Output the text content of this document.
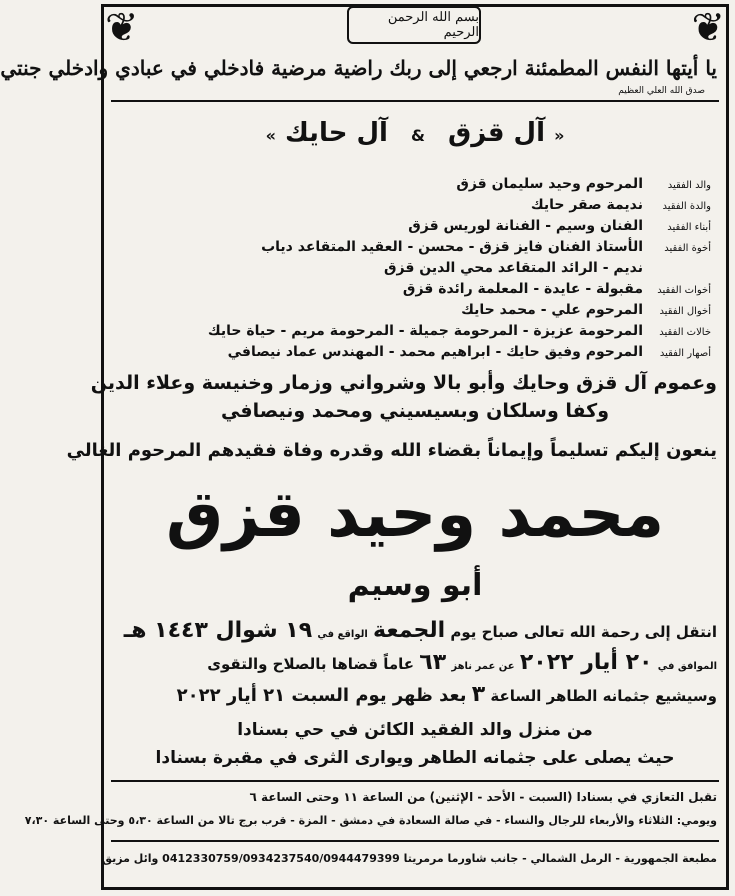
❦	❦
بسم الله الرحمن الرحيم
يا أيتها النفس المطمئنة ارجعي إلى ربك راضية مرضية فادخلي في عبادي وادخلي جنتي
صدق الله العلي العظيم
« آل قزق & آل حايك »
والد الفقيد
المرحوم وحيد سليمان قزق
والدة الفقيد
نديمة صقر حايك
أبناء الفقيد
الفنان وسيم - الفنانة لوريس قزق
أخوة الفقيد
الأستاذ الفنان فايز قزق - محسن - العقيد المتقاعد دياب
نديم - الرائد المتقاعد محي الدين قزق
أخوات الفقيد
مقبولة - عايدة - المعلمة رائدة قزق
أخوال الفقيد
المرحوم علي - محمد حايك
خالات الفقيد
المرحومة عزيزة - المرحومة جميلة - المرحومة مريم - حياة حايك
أصهار الفقيد
المرحوم وفيق حايك - ابراهيم محمد - المهندس عماد نيصافي
وعموم آل قزق وحايك وأبو بالا وشرواني وزمار وخنيسة وعلاء الدين
وكفا وسلكان وبسيسيني ومحمد ونيصافي
ينعون إليكم تسليماً وإيماناً بقضاء الله وقدره وفاة فقيدهم المرحوم الغالي
محمد وحيد قزق
أبو وسيم
انتقل إلى رحمة الله تعالى صباح يوم الجمعة الواقع في ١٩ شوال ١٤٤٣ هـ
الموافق في ٢٠ أيار ٢٠٢٢ عن عمر ناهز ٦٣ عاماً قضاها بالصلاح والتقوى
وسيشيع جثمانه الطاهر الساعة ٣ بعد ظهر يوم السبت ٢١ أيار ٢٠٢٢
من منزل والد الفقيد الكائن في حي بسنادا
حيث يصلى على جثمانه الطاهر ويوارى الثرى في مقبرة بسنادا
تقبل التعازي في بسنادا (السبت - الأحد - الإثنين) من الساعة ١١ وحتى الساعة ٦
ويومي: الثلاثاء والأربعاء للرجال والنساء - في صالة السعادة في دمشق - المزة - قرب برج تالا من الساعة ٥،٣٠ وحتى الساعة ٧،٣٠
مطبعة الجمهورية - الرمل الشمالي - جانب شاورما مرمريتا 0412330759/0934237540/0944479399 وائل مزيق
